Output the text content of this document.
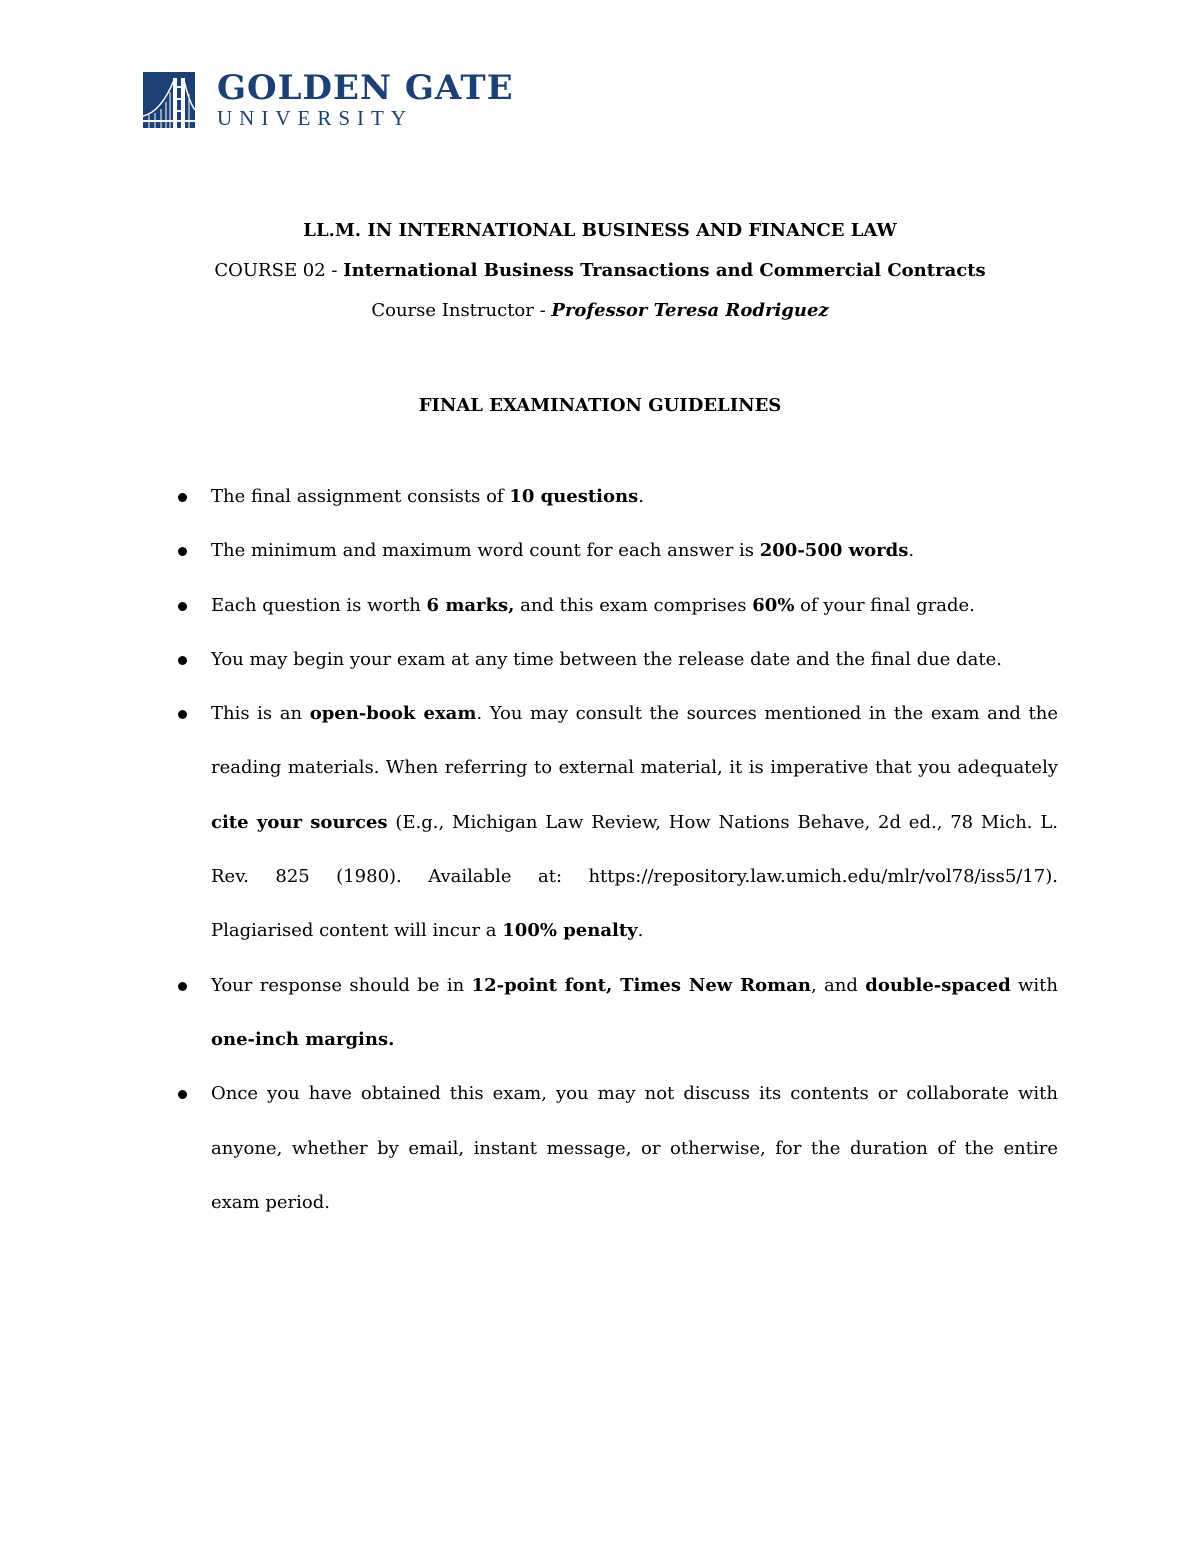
GOLDEN GATE
UNIVERSITY
LL.M. IN INTERNATIONAL BUSINESS AND FINANCE LAW
COURSE 02 - International Business Transactions and Commercial Contracts
Course Instructor - Professor Teresa Rodriguez
FINAL EXAMINATION GUIDELINES
The final assignment consists of 10 questions.
The minimum and maximum word count for each answer is 200-500 words.
Each question is worth 6 marks, and this exam comprises 60% of your final grade.
You may begin your exam at any time between the release date and the final due date.
This is an open-book exam. You may consult the sources mentioned in the exam and the reading materials. When referring to external material, it is imperative that you adequately cite your sources (E.g., Michigan Law Review, How Nations Behave, 2d ed., 78 Mich. L. Rev. 825 (1980). Available at: https://repository.law.umich.edu/mlr/vol78/iss5/17). Plagiarised content will incur a 100% penalty.
Your response should be in 12-point font, Times New Roman, and double-spaced with one-inch margins.
Once you have obtained this exam, you may not discuss its contents or collaborate with anyone, whether by email, instant message, or otherwise, for the duration of the entire exam period.
